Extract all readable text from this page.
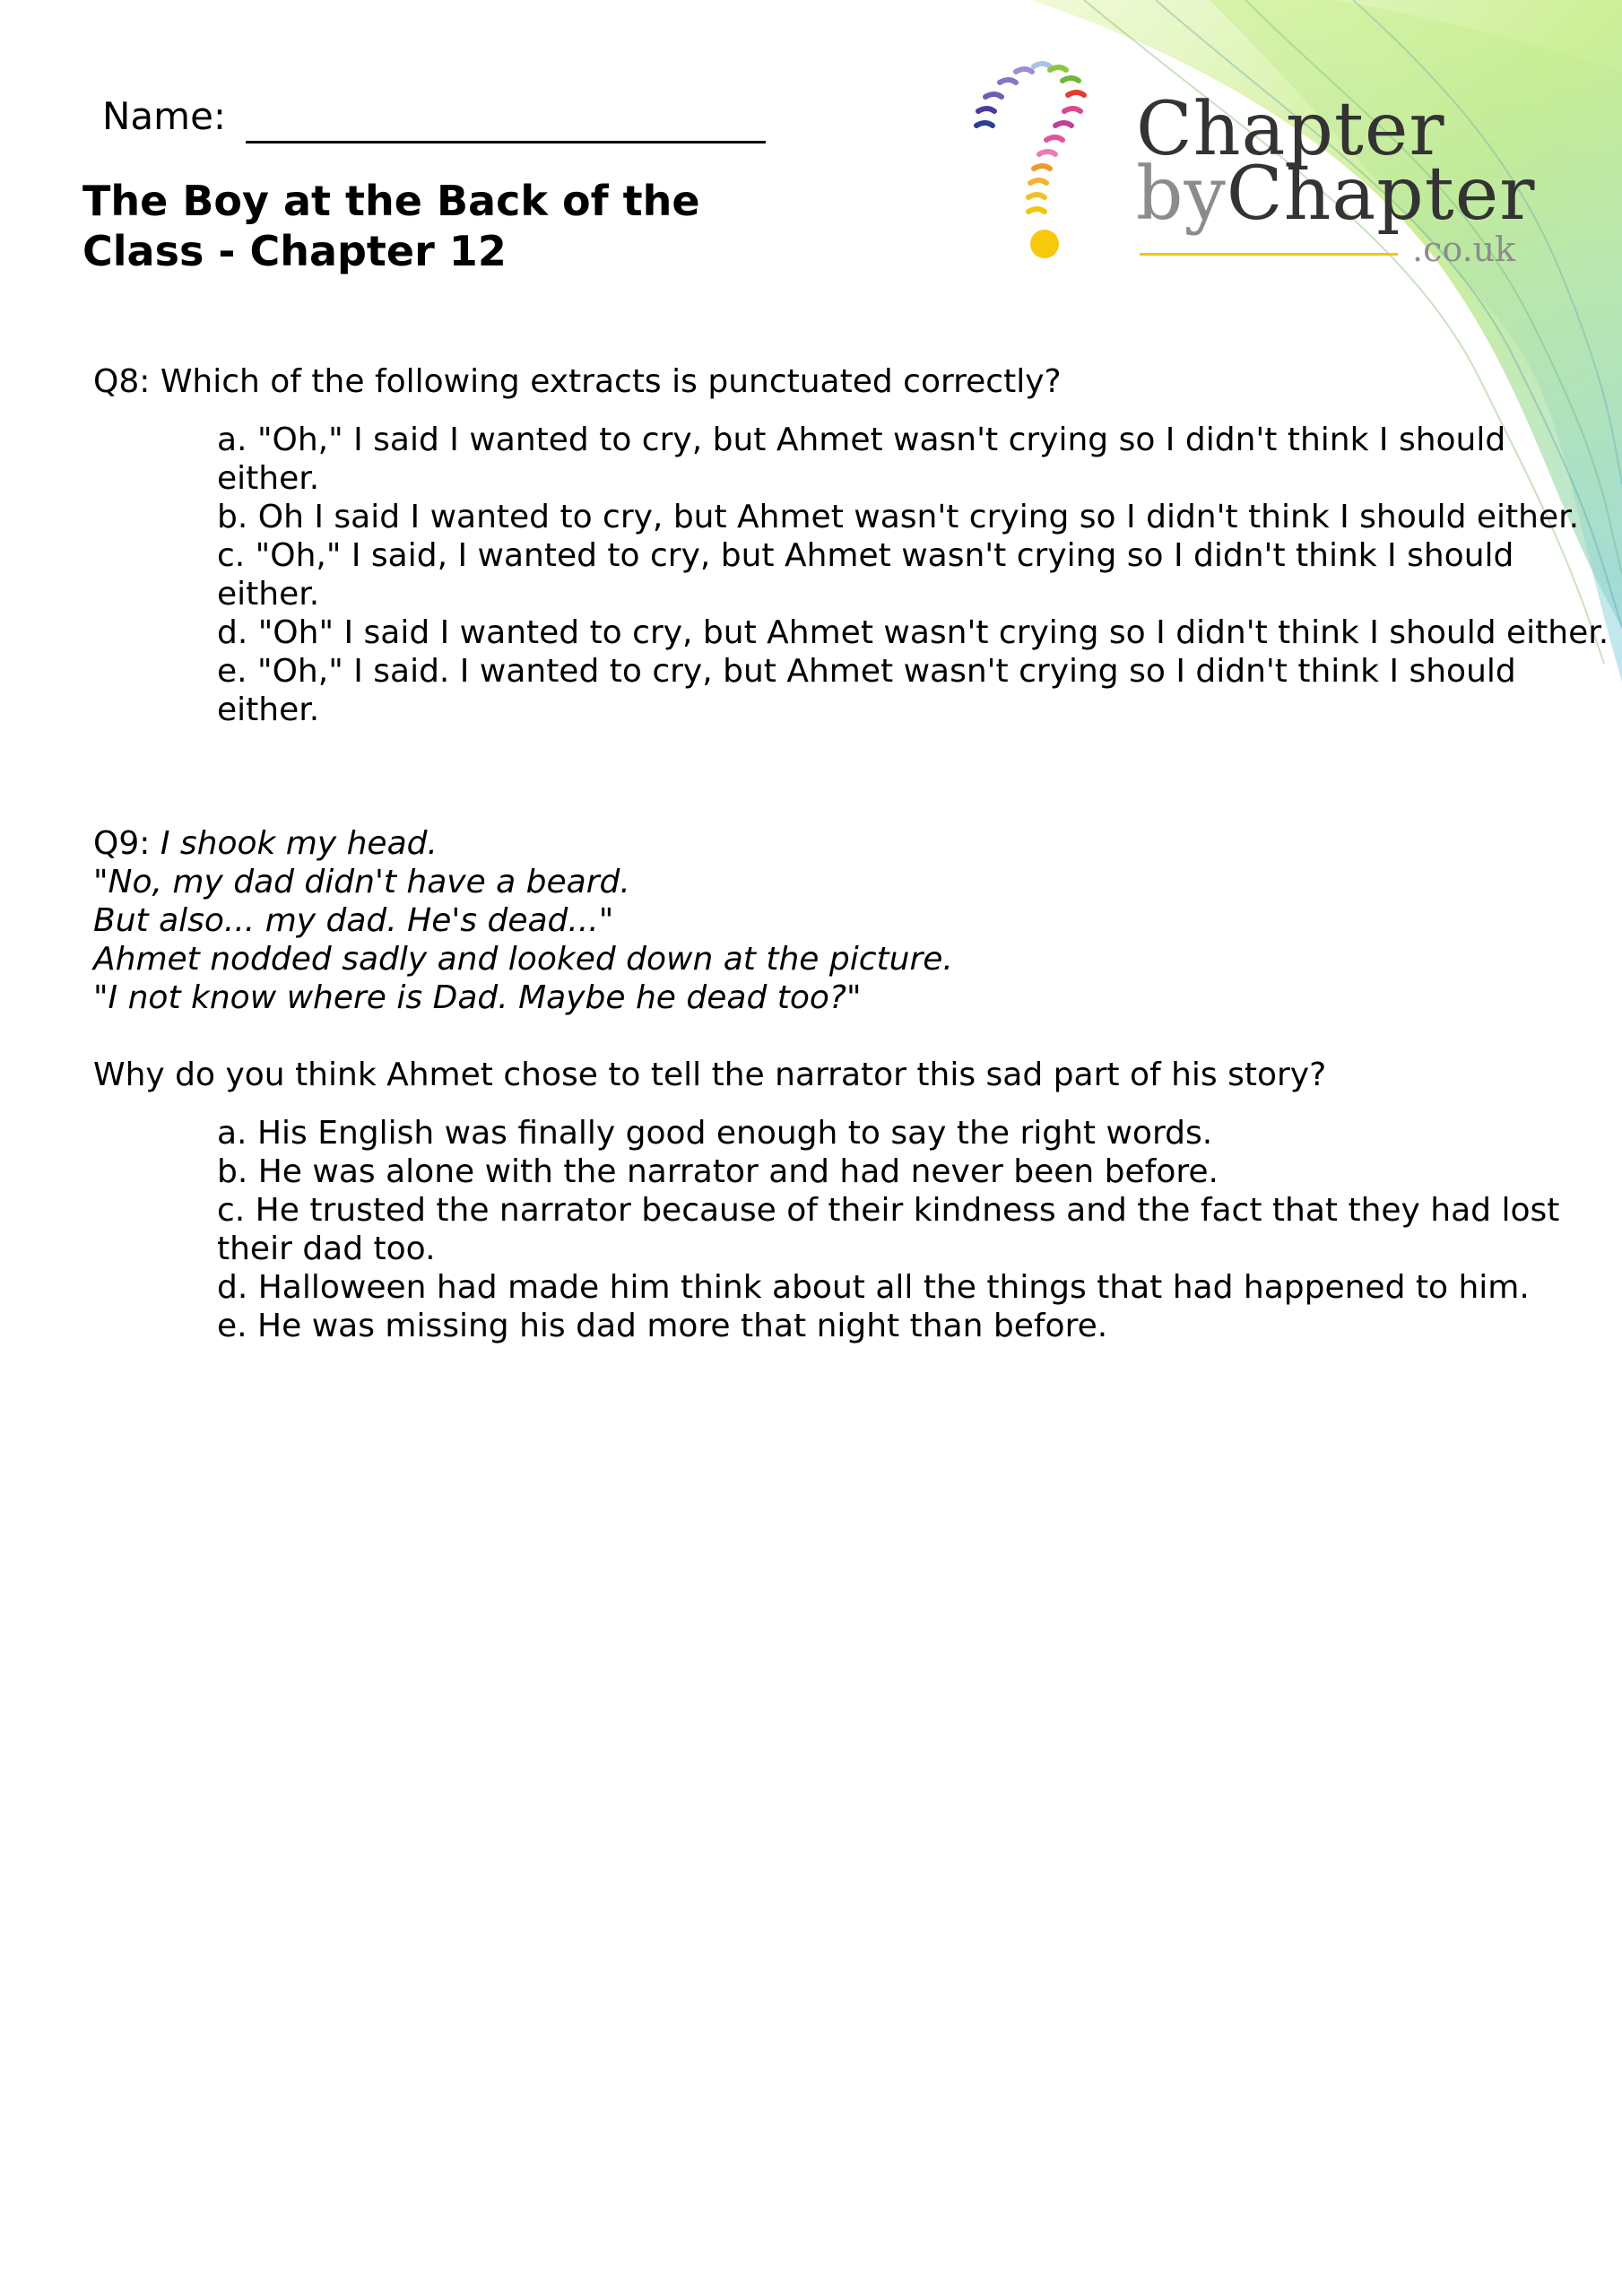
Name:
The Boy at the Back of the Class - Chapter 12
Chapter
byChapter
.co.uk

Q8: Which of the following extracts is punctuated correctly?

a. "Oh," I said I wanted to cry, but Ahmet wasn't crying so I didn't think I should either.
b. Oh I said I wanted to cry, but Ahmet wasn't crying so I didn't think I should either.
c. "Oh," I said, I wanted to cry, but Ahmet wasn't crying so I didn't think I should either.
d. "Oh" I said I wanted to cry, but Ahmet wasn't crying so I didn't think I should either.
e. "Oh," I said. I wanted to cry, but Ahmet wasn't crying so I didn't think I should either.
Q9: I shook my head.
"No, my dad didn't have a beard.
But also... my dad. He's dead..."
Ahmet nodded sadly and looked down at the picture.
"I not know where is Dad. Maybe he dead too?"

Why do you think Ahmet chose to tell the narrator this sad part of his story?

a. His English was finally good enough to say the right words.
b. He was alone with the narrator and had never been before.
c. He trusted the narrator because of their kindness and the fact that they had lost their dad too.
d. Halloween had made him think about all the things that had happened to him.
e. He was missing his dad more that night than before.
